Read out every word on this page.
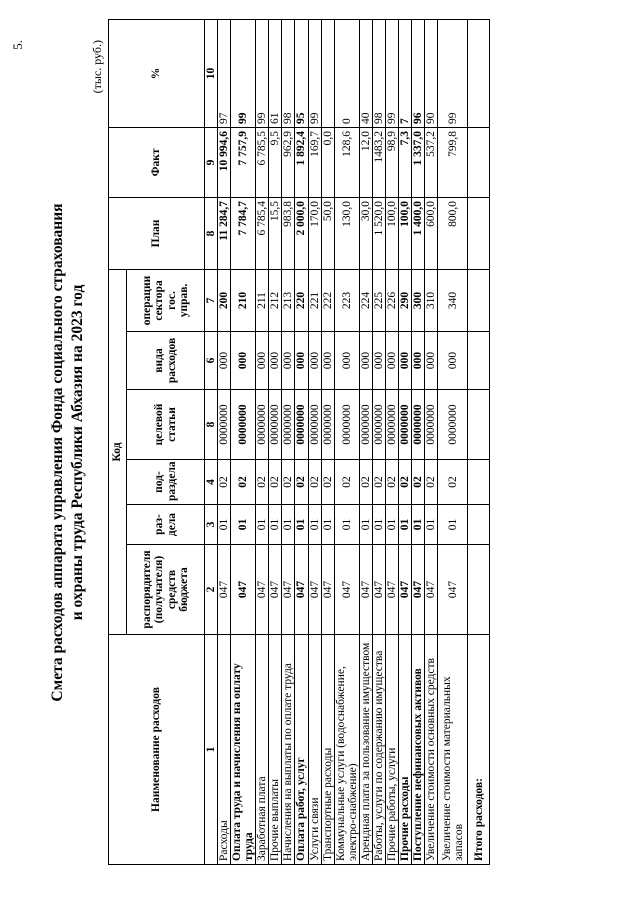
5.
Смета расходов аппарата управления Фонда социального страхования и охраны труда Республики Абхазия на 2023 год
(тыс. руб.)
Наименование расходов	Код						План	Факт	%
	распорядителя (получателя) средств бюджета	раз-дела	под-раздела	целевой статьи	вида расходов	операции сектора гос. управ.			
1	2	3	4	8	6	7	8	9	10
Расходы	047	01	02	0000000	000	200	11 284,7	10 994,6	97
Оплата труда и начисления на оплату труда	047	01	02	0000000	000	210	7 784,7	7 757,9	99
Заработная плата	047	01	02	0000000	000	211	6 785,4	6 785,5	99
Прочие выплаты	047	01	02	0000000	000	212	15,5	9,5	61
Начисления на выплаты по оплате труда	047	01	02	0000000	000	213	983,8	962,9	98
Оплата работ, услуг	047	01	02	0000000	000	220	2 000,0	1 892,4	95
Услуги связи	047	01	02	0000000	000	221	170,0	169,7	99
Транспортные расходы	047	01	02	0000000	000	222	50,0	0,0	
Коммунальные услуги (водоснабжение, электро-снабжение)	047	01	02	0000000	000	223	130,0	128,6	0
Арендная плата за пользование имуществом	047	01	02	0000000	000	224	30,0	12,0	40
Работы, услуги по содержанию имущества	047	01	02	0000000	000	225	1 520,0	1483,2	98
Прочие работы, услуги	047	01	02	0000000	000	226	100,0	98,9	99
Прочие расходы	047	01	02	0000000	000	290	100,0	7,3	7
Поступление нефинансовых активов	047	01	02	0000000	000	300	1 400,0	1 337,0	96
Увеличение стоимости основных средств	047	01	02	0000000	000	310	600,0	537,2	90
Увеличение стоимости материальных запасов	047	01	02	0000000	000	340	800,0	799,8	99
Итого расходов:									
